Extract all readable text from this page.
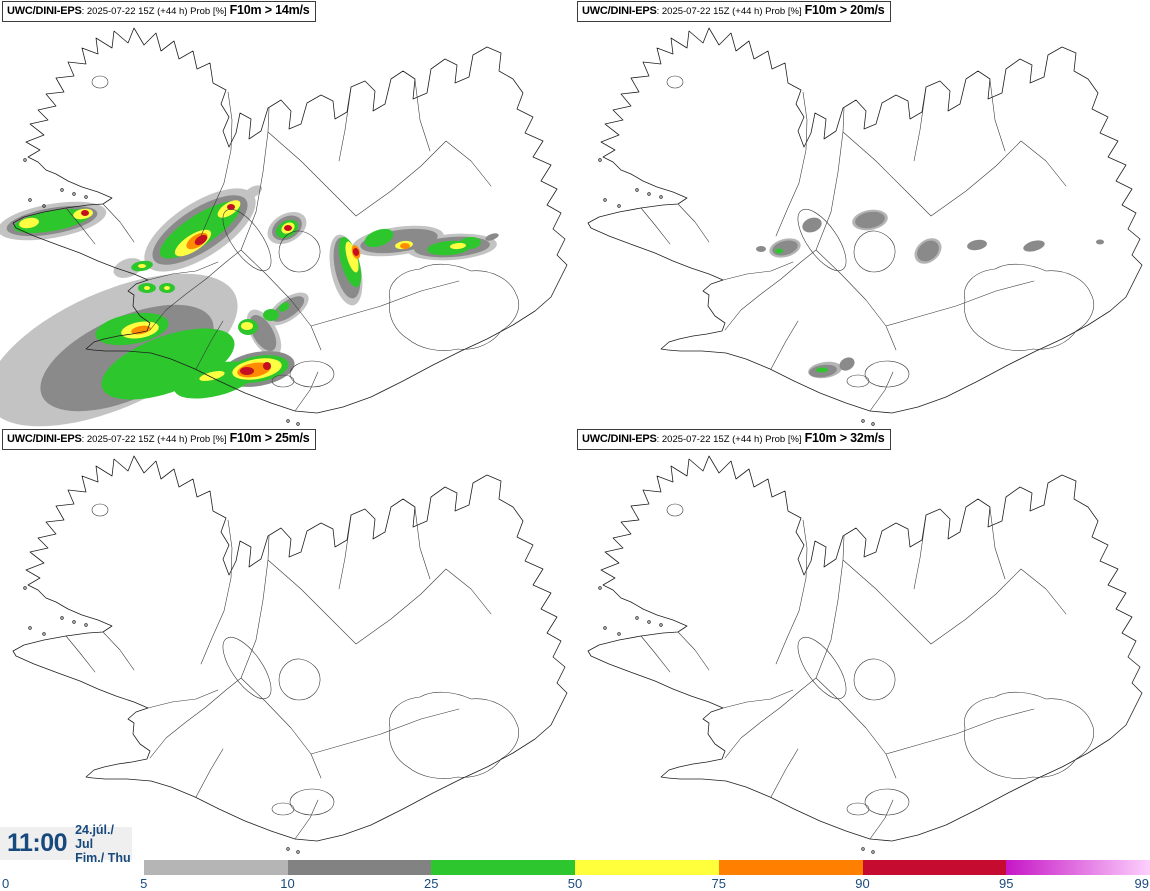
UWC/DINI-EPS: 2025-07-22 15Z (+44 h) Prob [%] F10m > 14m/s	UWC/DINI-EPS: 2025-07-22 15Z (+44 h) Prob [%] F10m > 20m/s
UWC/DINI-EPS: 2025-07-22 15Z (+44 h) Prob [%] F10m > 25m/s	UWC/DINI-EPS: 2025-07-22 15Z (+44 h) Prob [%] F10m > 32m/s
11:00 24.júl./ Jul
Fim./ Thu
0	5	10	25	50	75	90	95	99
